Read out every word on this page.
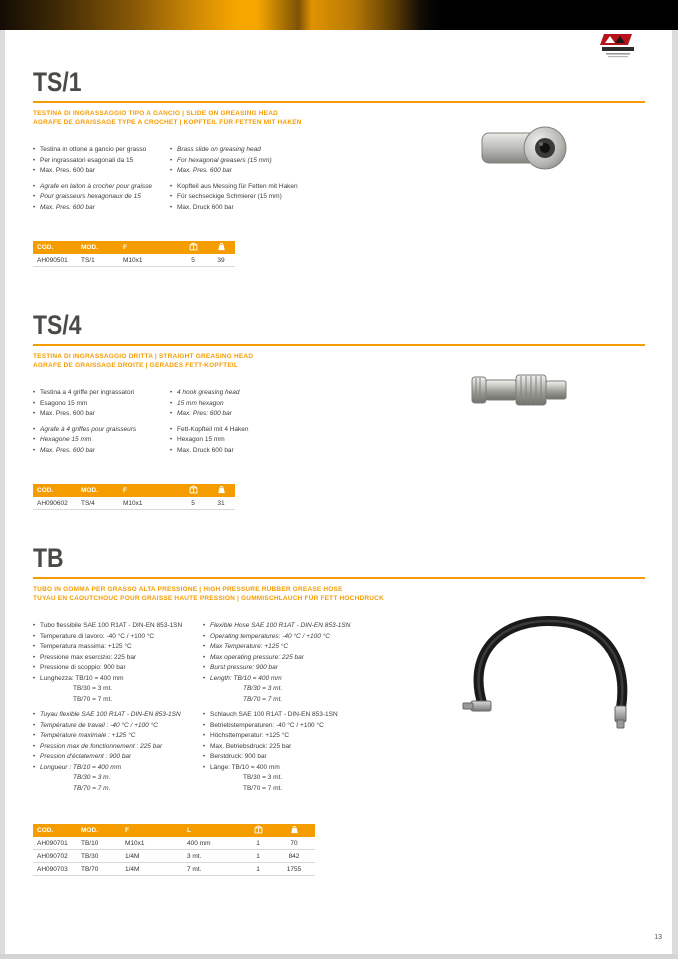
TS/1
TESTINA DI INGRASSAGGIO TIPO A GANCIO | SLIDE ON GREASING HEAD
AGRAFE DE GRAISSAGE TYPE A CROCHET | KOPFTEIL FÜR FETTEN MIT HAKEN
• Testina in ottone a gancio per grasso
• Per ingrassatori esagonali da 15
• Max. Pres. 600 bar
• Agrafe en laiton à crocher pour graisse
• Pour graisseurs hexagonaux de 15
• Max. Pres. 600 bar
• Brass slide on greasing head
• For hexagonal greasers (15 mm)
• Max. Pres. 600 bar
• Kopfteil aus Messing für Fetten mit Haken
• Für sechseckige Schmierer (15 mm)
• Max. Druck 600 bar
COD.	MOD.	F		
AH090501	TS/1	M10x1	5	39
TS/4
TESTINA DI INGRASSAGGIO DRITTA | STRAIGHT GREASING HEAD
AGRAFE DE GRAISSAGE DROITE | GERADES FETT-KOPFTEIL
• Testina a 4 griffe per ingrassatori
• Esagono 15 mm
• Max. Pres. 600 bar
• Agrafe à 4 griffes pour graisseurs
• Hexagone 15 mm
• Max. Pres. 600 bar
• 4 hook greasing head
• 15 mm hexagon
• Max. Pres: 600 bar
• Fett-Kopfteil mit 4 Haken
• Hexagon 15 mm
• Max. Druck 600 bar
COD.	MOD.	F		
AH090602	TS/4	M10x1	5	31
TB
TUBO IN GOMMA PER GRASSO ALTA PRESSIONE | HIGH PRESSURE RUBBER GREASE HOSE
TUYAU EN CAOUTCHOUC POUR GRAISSE HAUTE PRESSION | GUMMISCHLAUCH FÜR FETT HOCHDRUCK
• Tubo flessibile SAE 100 R1AT - DIN-EN 853-1SN
• Temperature di lavoro: -40 °C / +100 °C
• Temperatura massima: +125 °C
• Pressione max esercizio: 225 bar
• Pressione di scoppio: 900 bar
• Lunghezza: TB/10 = 400 mm
TB/30 = 3 mt.
TB/70 = 7 mt.
• Tuyau flexible SAE 100 R1AT - DIN-EN 853-1SN
• Température de travail : -40 °C / +100 °C
• Température maximale : +125 °C
• Pression max de fonctionnement : 225 bar
• Pression d'éclatement : 900 bar
• Longueur : TB/10 = 400 mm
TB/30 = 3 m.
TB/70 = 7 m.
• Flexible Hose SAE 100 R1AT - DIN-EN 853-1SN
• Operating temperatures: -40 °C / +100 °C
• Max Temperature: +125 °C
• Max operating pressure: 225 bar
• Burst pressure: 900 bar
• Length: TB/10 = 400 mm
TB/30 = 3 mt.
TB/70 = 7 mt.
• Schlauch SAE 100 R1AT - DIN-EN 853-1SN
• Betriebstemperaturen: -40 °C / +100 °C
• Höchsttemperatur: +125 °C
• Max. Betriebsdruck: 225 bar
• Berstdruck: 900 bar
• Länge: TB/10 = 400 mm
TB/30 = 3 mt.
TB/70 = 7 mt.
COD.	MOD.	F	L		
AH090701	TB/10	M10x1	400 mm	1	70
AH090702	TB/30	1/4M	3 mt.	1	842
AH090703	TB/70	1/4M	7 mt.	1	1755
13
